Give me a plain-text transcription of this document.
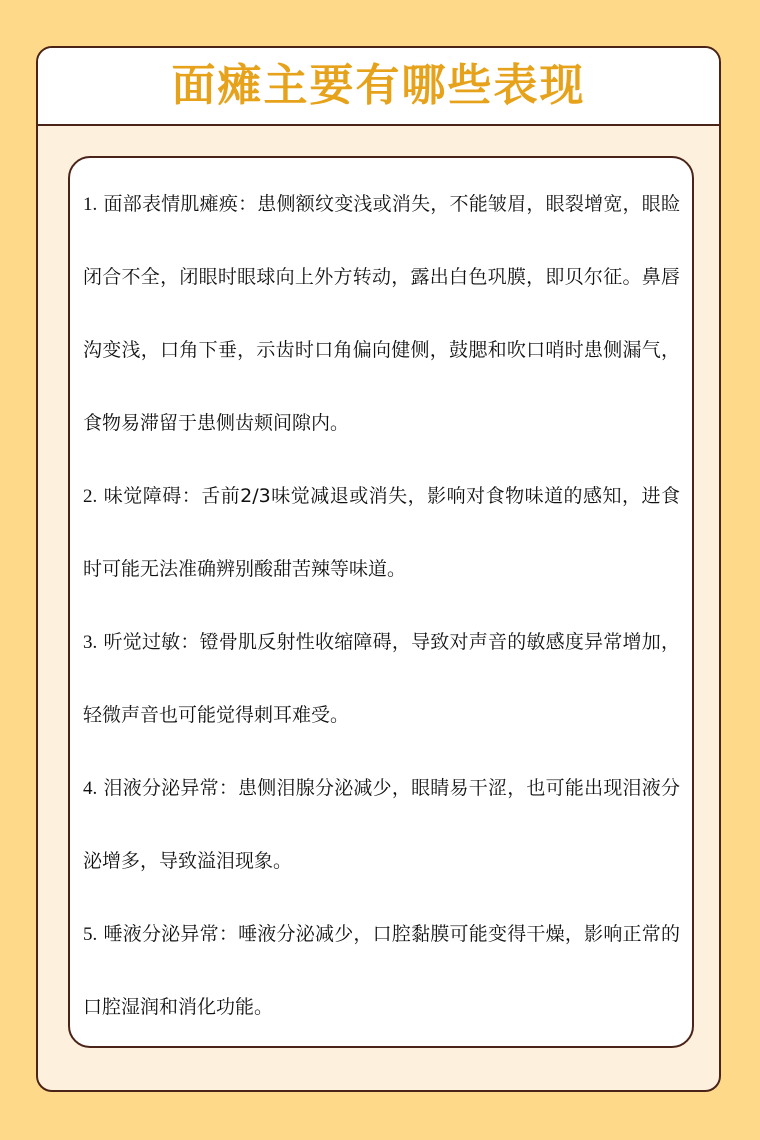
面瘫主要有哪些表现
1. 面部表情肌瘫痪：患侧额纹变浅或消失，不能皱眉，眼裂增宽，眼睑闭合不全，闭眼时眼球向上外方转动，露出白色巩膜，即贝尔征。鼻唇沟变浅，口角下垂，示齿时口角偏向健侧，鼓腮和吹口哨时患侧漏气，食物易滞留于患侧齿颊间隙内。
2. 味觉障碍：舌前2/3味觉减退或消失，影响对食物味道的感知，进食时可能无法准确辨别酸甜苦辣等味道。
3. 听觉过敏：镫骨肌反射性收缩障碍，导致对声音的敏感度异常增加，轻微声音也可能觉得刺耳难受。
4. 泪液分泌异常：患侧泪腺分泌减少，眼睛易干涩，也可能出现泪液分泌增多，导致溢泪现象。
5. 唾液分泌异常：唾液分泌减少，口腔黏膜可能变得干燥，影响正常的口腔湿润和消化功能。
